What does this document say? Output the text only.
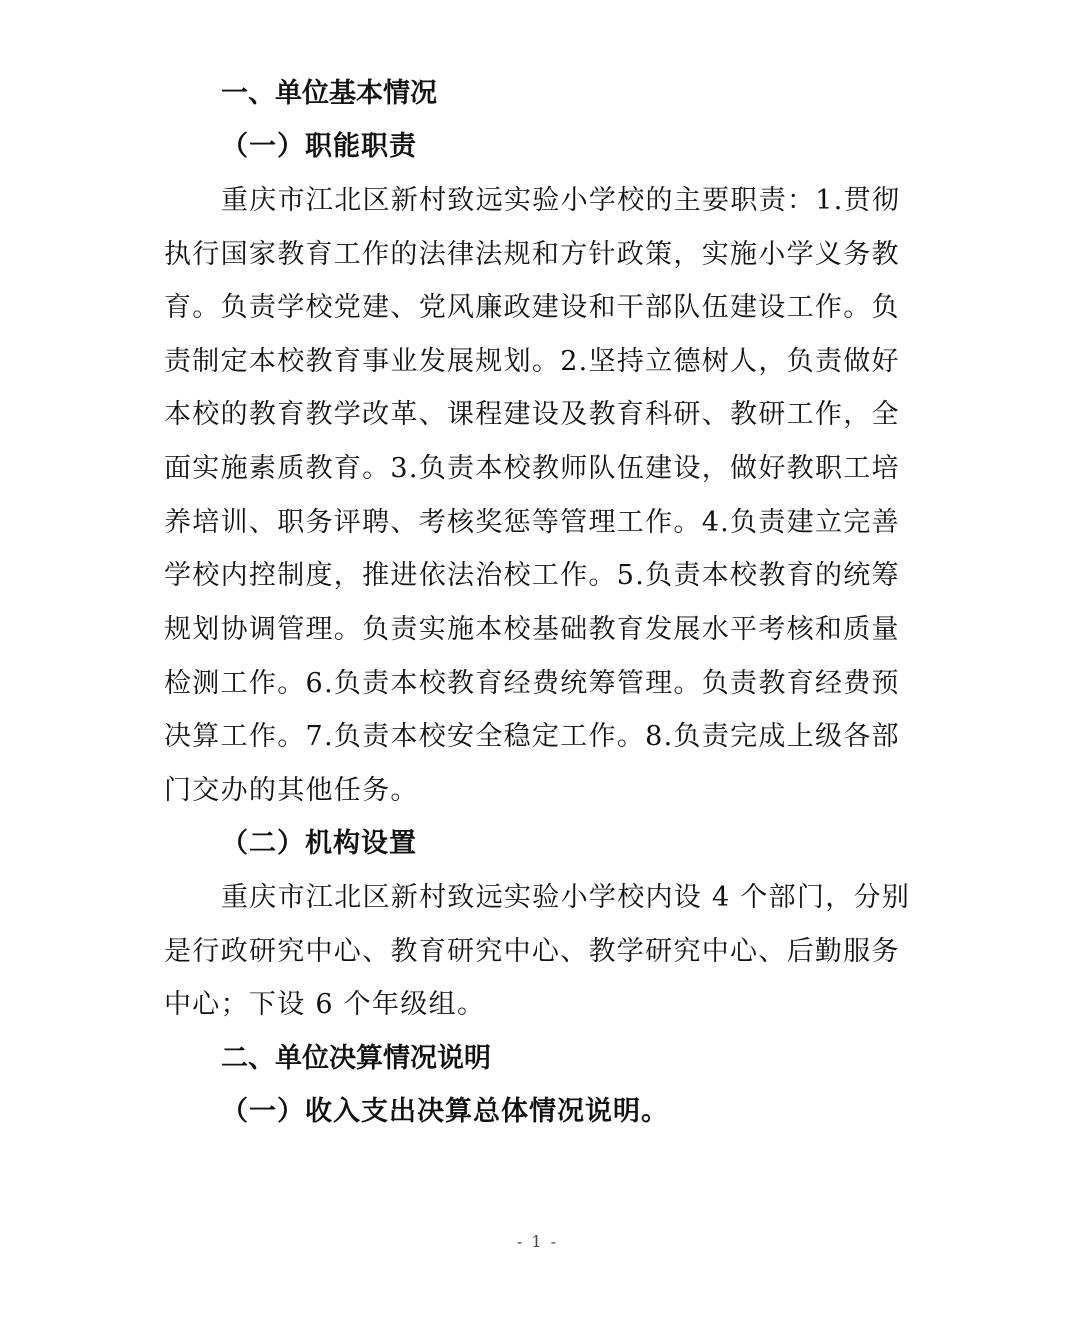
一、单位基本情况
（一）职能职责
重庆市江北区新村致远实验小学校的主要职责：1.贯彻
执行国家教育工作的法律法规和方针政策，实施小学义务教
育。负责学校党建、党风廉政建设和干部队伍建设工作。负
责制定本校教育事业发展规划。2.坚持立德树人，负责做好
本校的教育教学改革、课程建设及教育科研、教研工作，全
面实施素质教育。3.负责本校教师队伍建设，做好教职工培
养培训、职务评聘、考核奖惩等管理工作。4.负责建立完善
学校内控制度，推进依法治校工作。5.负责本校教育的统筹
规划协调管理。负责实施本校基础教育发展水平考核和质量
检测工作。6.负责本校教育经费统筹管理。负责教育经费预
决算工作。7.负责本校安全稳定工作。8.负责完成上级各部
门交办的其他任务。
（二）机构设置
重庆市江北区新村致远实验小学校内设 4 个部门，分别
是行政研究中心、教育研究中心、教学研究中心、后勤服务
中心；下设 6 个年级组。
二、单位决算情况说明
（一）收入支出决算总体情况说明。
- 1 -
